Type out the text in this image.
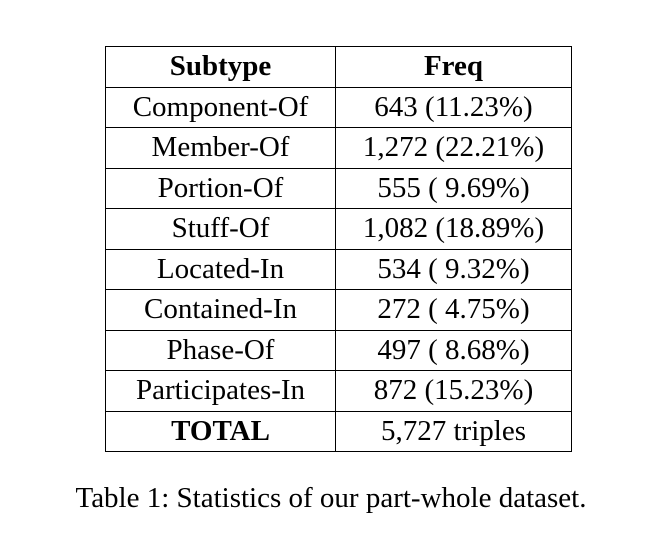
Subtype	Freq
Component-Of	643 (11.23%)
Member-Of	1,272 (22.21%)
Portion-Of	555 ( 9.69%)
Stuff-Of	1,082 (18.89%)
Located-In	534 ( 9.32%)
Contained-In	272 ( 4.75%)
Phase-Of	497 ( 8.68%)
Participates-In	872 (15.23%)
TOTAL	5,727 triples
Table 1: Statistics of our part-whole dataset.
